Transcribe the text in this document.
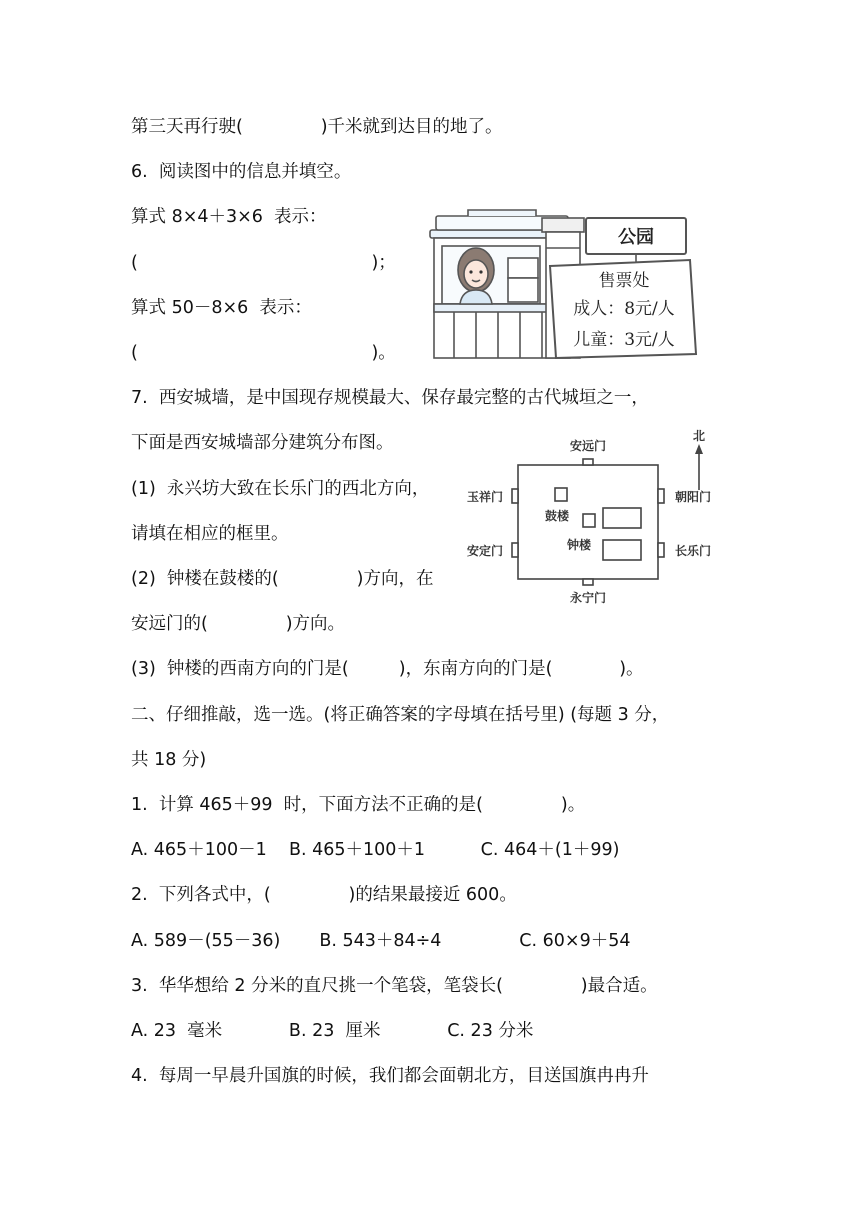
第三天再行驶(              )千米就到达目的地了。
6.  阅读图中的信息并填空。
算式 8×4＋3×6  表示：
(                                          )；
算式 50－8×6  表示：
(                                          )。
7.  西安城墙，是中国现存规模最大、保存最完整的古代城垣之一，
下面是西安城墙部分建筑分布图。
(1)  永兴坊大致在长乐门的西北方向，
请填在相应的框里。
(2)  钟楼在鼓楼的(              )方向，在
安远门的(              )方向。
(3)  钟楼的西南方向的门是(         )，东南方向的门是(            )。
二、仔细推敲，选一选。(将正确答案的字母填在括号里) (每题 3 分，
共 18 分)
1.  计算 465＋99  时，下面方法不正确的是(              )。
A. 465＋100－1    B. 465＋100＋1          C. 464＋(1＋99)
2.  下列各式中，(              )的结果最接近 600。
A. 589－(55－36)       B. 543＋84÷4              C. 60×9＋54
3.  华华想给 2 分米的直尺挑一个笔袋，笔袋长(              )最合适。
A. 23  毫米            B. 23  厘米            C. 23 分米
4.  每周一早晨升国旗的时候，我们都会面朝北方，目送国旗冉冉升
公园
售票处
成人：8元/人
儿童：3元/人
北
安远门
永宁门
玉祥门
安定门
朝阳门
长乐门
鼓楼
钟楼
